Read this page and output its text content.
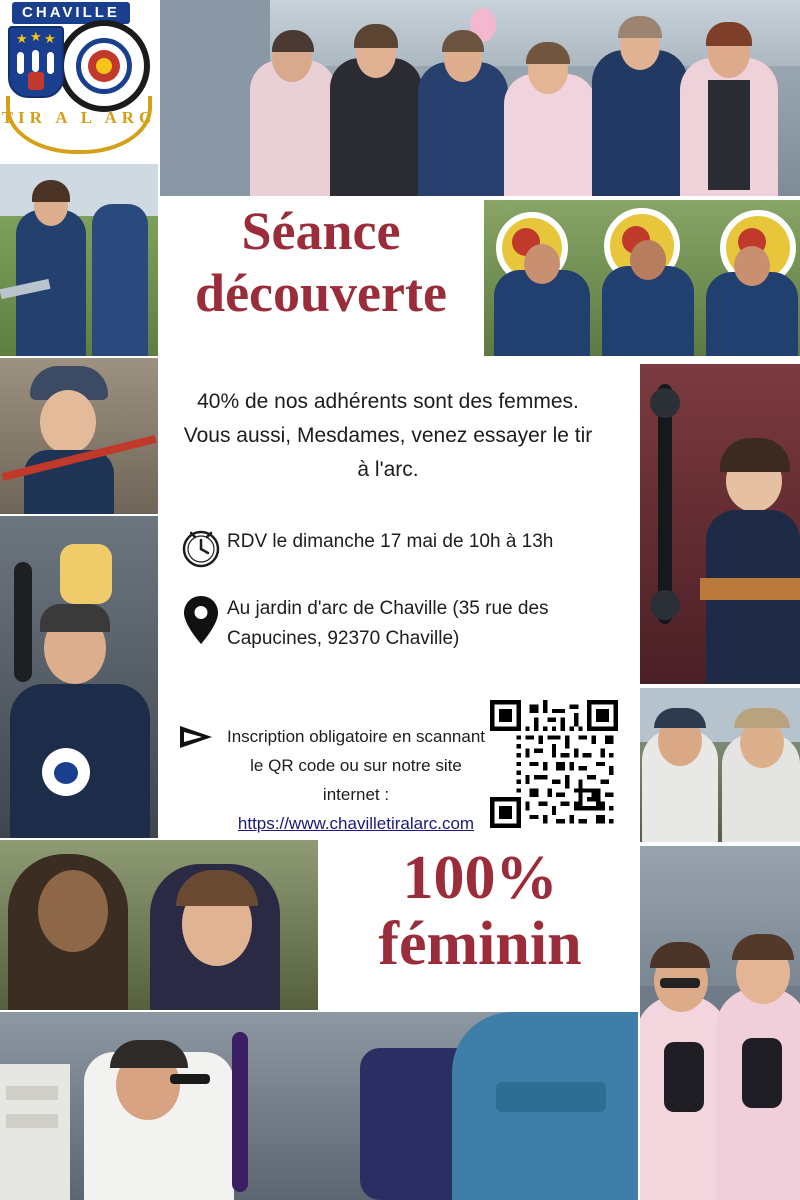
CHAVILLE
★ ★ ★
TIR A L ARC
Séance
découverte
40% de nos adhérents sont des femmes. Vous aussi, Mesdames, venez essayer le tir à l'arc.
RDV le dimanche 17 mai de 10h à 13h
Au jardin d'arc de Chaville (35 rue des Capucines, 92370 Chaville)
Inscription obligatoire en scannant le QR code ou sur notre site internet :
https://www.chavilletiralarc.com
100%
féminin
